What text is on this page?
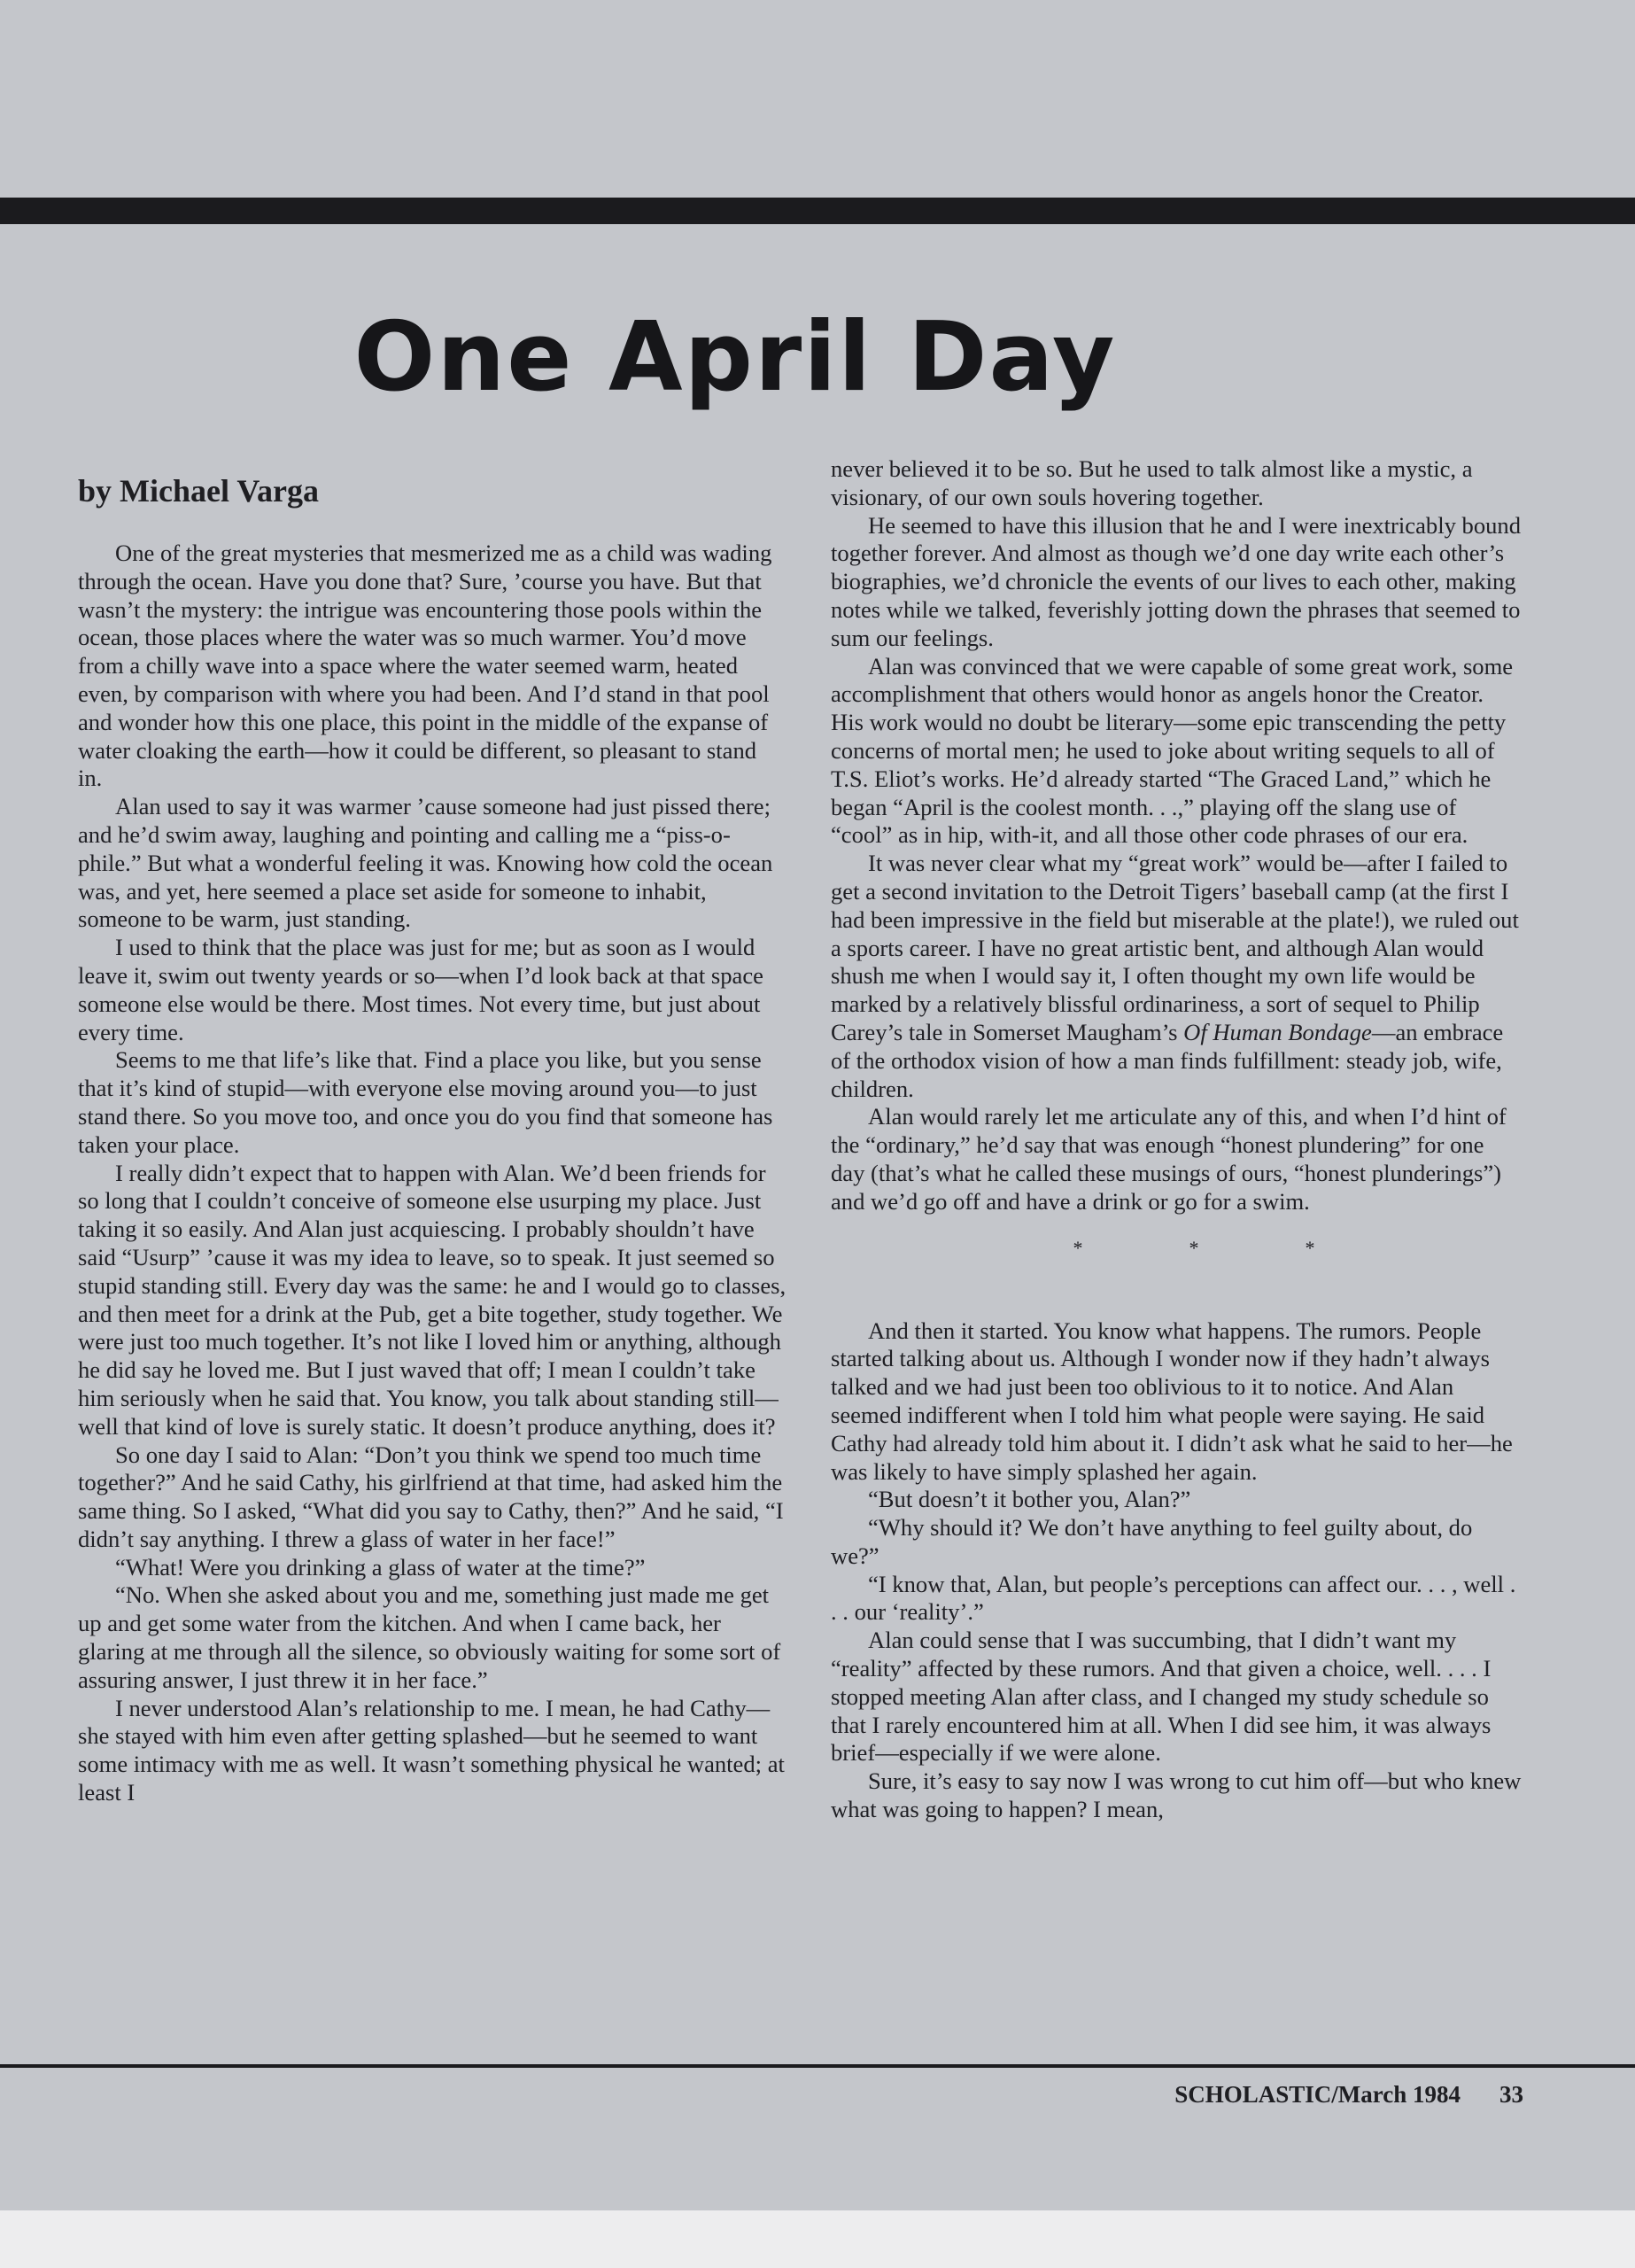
One April Day
by Michael Varga

One of the great mysteries that mesmerized me as a child was wading through the ocean. Have you done that? Sure, ’course you have. But that wasn’t the mystery: the intrigue was encountering those pools within the ocean, those places where the water was so much warmer. You’d move from a chilly wave into a space where the water seemed warm, heated even, by comparison with where you had been. And I’d stand in that pool and wonder how this one place, this point in the middle of the expanse of water cloaking the earth—how it could be different, so pleasant to stand in.

Alan used to say it was warmer ’cause someone had just pissed there; and he’d swim away, laughing and pointing and calling me a “piss-o-phile.” But what a wonderful feeling it was. Knowing how cold the ocean was, and yet, here seemed a place set aside for someone to inhabit, someone to be warm, just standing.

I used to think that the place was just for me; but as soon as I would leave it, swim out twenty yeards or so—when I’d look back at that space someone else would be there. Most times. Not every time, but just about every time.

Seems to me that life’s like that. Find a place you like, but you sense that it’s kind of stupid—with everyone else moving around you—to just stand there. So you move too, and once you do you find that someone has taken your place.

I really didn’t expect that to happen with Alan. We’d been friends for so long that I couldn’t conceive of someone else usurping my place. Just taking it so easily. And Alan just acquiescing. I probably shouldn’t have said “Usurp” ’cause it was my idea to leave, so to speak. It just seemed so stupid standing still. Every day was the same: he and I would go to classes, and then meet for a drink at the Pub, get a bite together, study together. We were just too much together. It’s not like I loved him or anything, although he did say he loved me. But I just waved that off; I mean I couldn’t take him seriously when he said that. You know, you talk about standing still—well that kind of love is surely static. It doesn’t produce anything, does it?

So one day I said to Alan: “Don’t you think we spend too much time together?” And he said Cathy, his girlfriend at that time, had asked him the same thing. So I asked, “What did you say to Cathy, then?” And he said, “I didn’t say anything. I threw a glass of water in her face!”

“What! Were you drinking a glass of water at the time?”

“No. When she asked about you and me, something just made me get up and get some water from the kitchen. And when I came back, her glaring at me through all the silence, so obviously waiting for some sort of assuring answer, I just threw it in her face.”

I never understood Alan’s relationship to me. I mean, he had Cathy—she stayed with him even after getting splashed—but he seemed to want some intimacy with me as well. It wasn’t something physical he wanted; at least I

never believed it to be so. But he used to talk almost like a mystic, a visionary, of our own souls hovering together.

He seemed to have this illusion that he and I were inextricably bound together forever. And almost as though we’d one day write each other’s biographies, we’d chronicle the events of our lives to each other, making notes while we talked, feverishly jotting down the phrases that seemed to sum our feelings.

Alan was convinced that we were capable of some great work, some accomplishment that others would honor as angels honor the Creator. His work would no doubt be literary—some epic transcending the petty concerns of mortal men; he used to joke about writing sequels to all of T.S. Eliot’s works. He’d already started “The Graced Land,” which he began “April is the coolest month. . .,” playing off the slang use of “cool” as in hip, with-it, and all those other code phrases of our era.

It was never clear what my “great work” would be—after I failed to get a second invitation to the Detroit Tigers’ baseball camp (at the first I had been impressive in the field but miserable at the plate!), we ruled out a sports career. I have no great artistic bent, and although Alan would shush me when I would say it, I often thought my own life would be marked by a relatively blissful ordinariness, a sort of sequel to Philip Carey’s tale in Somerset Maugham’s Of Human Bondage—an embrace of the orthodox vision of how a man finds fulfillment: steady job, wife, children.

Alan would rarely let me articulate any of this, and when I’d hint of the “ordinary,” he’d say that was enough “honest plundering” for one day (that’s what he called these musings of ours, “honest plunderings”) and we’d go off and have a drink or go for a swim.

*	*	*

And then it started. You know what happens. The rumors. People started talking about us. Although I wonder now if they hadn’t always talked and we had just been too oblivious to it to notice. And Alan seemed indifferent when I told him what people were saying. He said Cathy had already told him about it. I didn’t ask what he said to her—he was likely to have simply splashed her again.

“But doesn’t it bother you, Alan?”

“Why should it? We don’t have anything to feel guilty about, do we?”

“I know that, Alan, but people’s perceptions can affect our. . . , well . . . our ‘reality’.”

Alan could sense that I was succumbing, that I didn’t want my “reality” affected by these rumors. And that given a choice, well. . . . I stopped meeting Alan after class, and I changed my study schedule so that I rarely encountered him at all. When I did see him, it was always brief—especially if we were alone.

Sure, it’s easy to say now I was wrong to cut him off—but who knew what was going to happen? I mean,

SCHOLASTIC/March 1984 33
